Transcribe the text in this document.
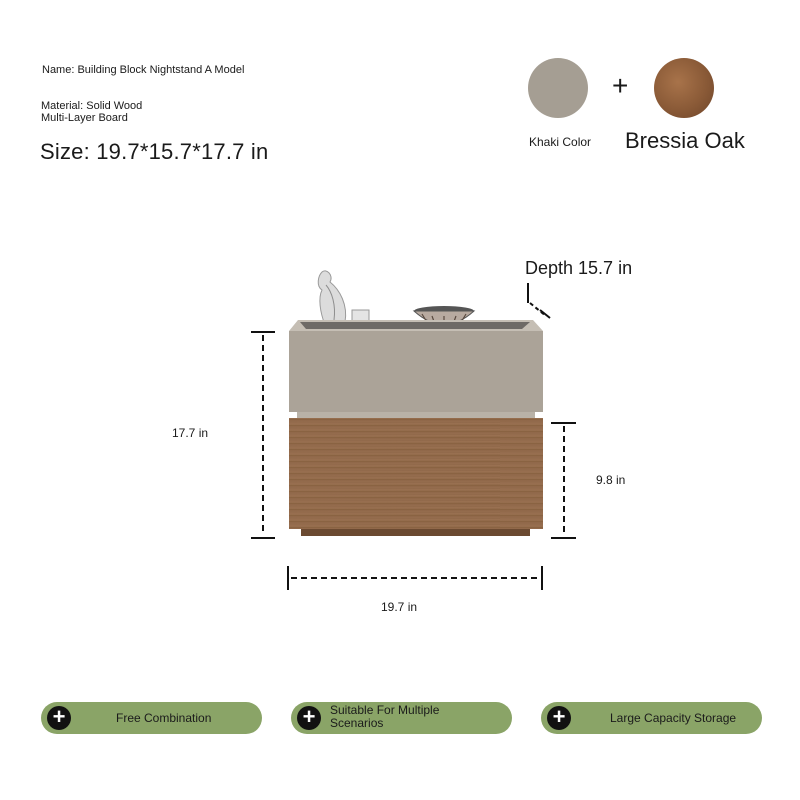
Name: Building Block Nightstand A Model
Material: Solid Wood
Multi-Layer Board
Size: 19.7*15.7*17.7 in
+
Khaki Color Bressia Oak
17.7 in
9.8 in
19.7 in
Depth 15.7 in
+	Free Combination	+	Suitable For Multiple
Scenarios	+	Large Capacity Storage
